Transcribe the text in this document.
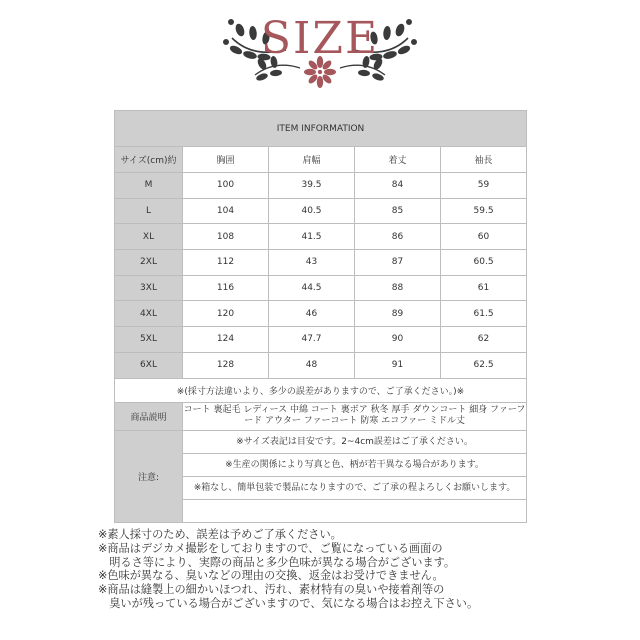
SIZE
ITEM INFORMATION				
サイズ(cm)約	胸囲	肩幅	着丈	袖長
M	100	39.5	84	59
L	104	40.5	85	59.5
XL	108	41.5	86	60
2XL	112	43	87	60.5
3XL	116	44.5	88	61
4XL	120	46	89	61.5
5XL	124	47.7	90	62
6XL	128	48	91	62.5
※(採寸方法違いより、多少の誤差がありますので、ご了承ください。)※				
商品説明	コート 裏起毛 レディース 中綿 コート 裏ボア 秋冬 厚手 ダウンコート 細身 ファーフード アウター ファーコート 防寒 エコファー ミドル丈			
注意:	※サイズ表記は目安です。2~4cm誤差はご了承ください。			
	※生産の関係により写真と色、柄が若干異なる場合があります。			
	※箱なし、簡単包装で製品になりますので、ご了承の程よろしくお願いします。			

※素人採寸のため、誤差は予めご了承ください。

※商品はデジカメ撮影をしておりますので、ご覧になっている画面の

　明るさ等により、実際の商品と多少色味が異なる場合がございます。

※色味が異なる、臭いなどの理由の交換、返金はお受けできません。

※商品は縫製上の細かいほつれ、汚れ、素材特有の臭いや接着剤等の

　臭いが残っている場合がございますので、気になる場合はお控え下さい。
